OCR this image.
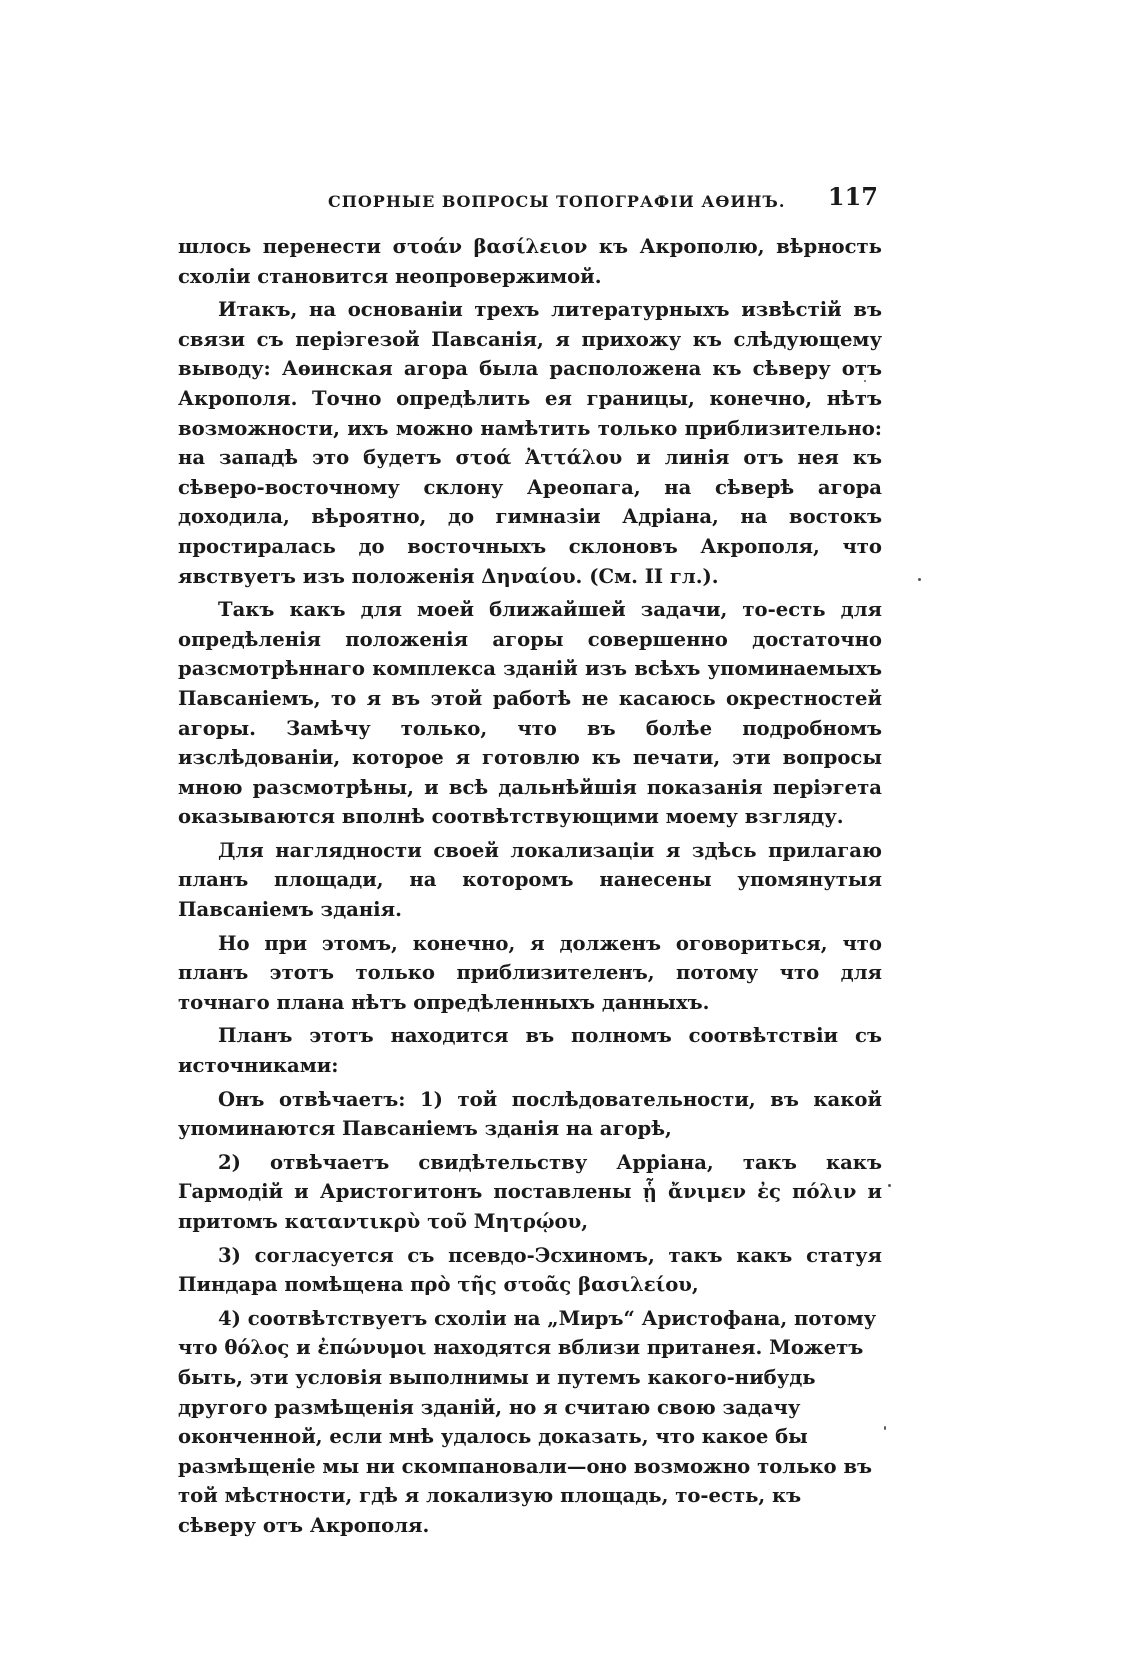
СПОРНЫЕ ВОПРОСЫ ТОПОГРАФІИ АѲИНЪ. 117

шлось перенести στοάν βασίλειον къ Акрополю, вѣрность схоліи становится неопровержимой.

Итакъ, на основаніи трехъ литературныхъ извѣстій въ связи съ періэгезой Павсанія, я прихожу къ слѣдующему выводу: Аѳинская агора была расположена къ сѣверу отъ Акрополя. Точно опредѣлить ея границы, конечно, нѣтъ возможности, ихъ можно намѣтить только приблизительно: на западѣ это будетъ στοά Ἀττάλου и линія отъ нея къ сѣверо-восточному склону Ареопага, на сѣверѣ агора доходила, вѣроятно, до гимназіи Адріана, на востокъ простиралась до восточныхъ склоновъ Акрополя, что явствуетъ изъ положенія Δηναίου. (См. II гл.).

Такъ какъ для моей ближайшей задачи, то-есть для опредѣленія положенія агоры совершенно достаточно разсмотрѣннаго комплекса зданій изъ всѣхъ упоминаемыхъ Павсаніемъ, то я въ этой работѣ не касаюсь окрестностей агоры. Замѣчу только, что въ болѣе подробномъ изслѣдованіи, которое я готовлю къ печати, эти вопросы мною разсмотрѣны, и всѣ дальнѣйшія показанія періэгета оказываются вполнѣ соотвѣтствующими моему взгляду.

Для наглядности своей локализаціи я здѣсь прилагаю планъ площади, на которомъ нанесены упомянутыя Павсаніемъ зданія.

Но при этомъ, конечно, я долженъ оговориться, что планъ этотъ только приблизителенъ, потому что для точнаго плана нѣтъ опредѣленныхъ данныхъ.

Планъ этотъ находится въ полномъ соотвѣтствіи съ источниками:

Онъ отвѣчаетъ: 1) той послѣдовательности, въ какой упоминаются Павсаніемъ зданія на агорѣ,

2) отвѣчаетъ свидѣтельству Арріана, такъ какъ Гармодій и Аристогитонъ поставлены ᾗ ἄνιμεν ἐς πόλιν и притомъ καταντικρὺ τοῦ Μητρῴου,

3) согласуется съ псевдо-Эсхиномъ, такъ какъ статуя Пиндара помѣщена πρὸ τῆς στοᾶς βασιλείου,

4) соотвѣтствуетъ схоліи на „Миръ“ Аристофана, потому что θόλος и ἐπώνυμοι находятся вблизи пританея. Можетъ быть, эти условія выполнимы и путемъ какого-нибудь другого размѣщенія зданій, но я считаю свою задачу оконченной, если мнѣ удалось доказать, что какое бы размѣщеніе мы ни скомпановали—оно возможно только въ той мѣстности, гдѣ я локализую площадь, то-есть, къ сѣверу отъ Акрополя.
